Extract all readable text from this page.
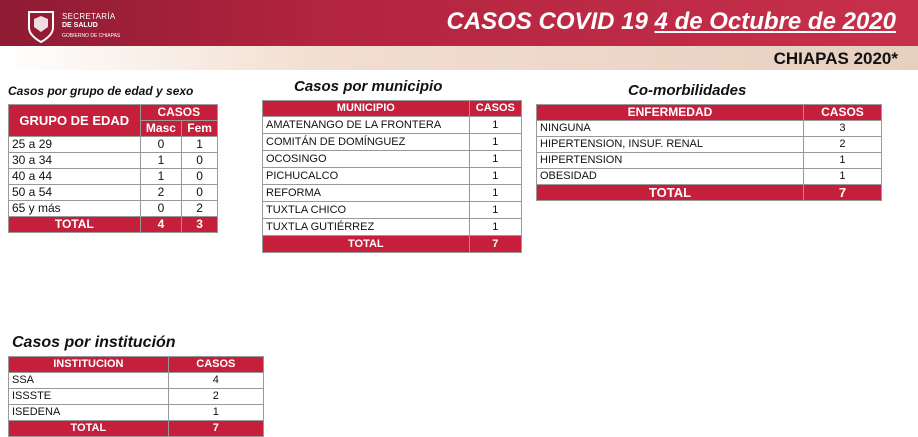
SECRETARÍA
DE SALUD
GOBIERNO DE CHIAPAS
CASOS COVID 19 4 de Octubre de 2020
CHIAPAS 2020*
Casos por grupo de edad y sexo
GRUPO DE EDAD	CASOS	
	Masc	Fem
25 a 29	0	1
30 a 34	1	0
40 a 44	1	0
50 a 54	2	0
65 y más	0	2
TOTAL	4	3
Casos por municipio
MUNICIPIO	CASOS
AMATENANGO DE LA FRONTERA	1
COMITÁN DE DOMÍNGUEZ	1
OCOSINGO	1
PICHUCALCO	1
REFORMA	1
TUXTLA CHICO	1
TUXTLA GUTIÉRREZ	1
TOTAL	7
Co-morbilidades
ENFERMEDAD	CASOS
NINGUNA	3
HIPERTENSION, INSUF. RENAL	2
HIPERTENSION	1
OBESIDAD	1
TOTAL	7
Casos por institución
INSTITUCION	CASOS
SSA	4
ISSSTE	2
ISEDENA	1
TOTAL	7
